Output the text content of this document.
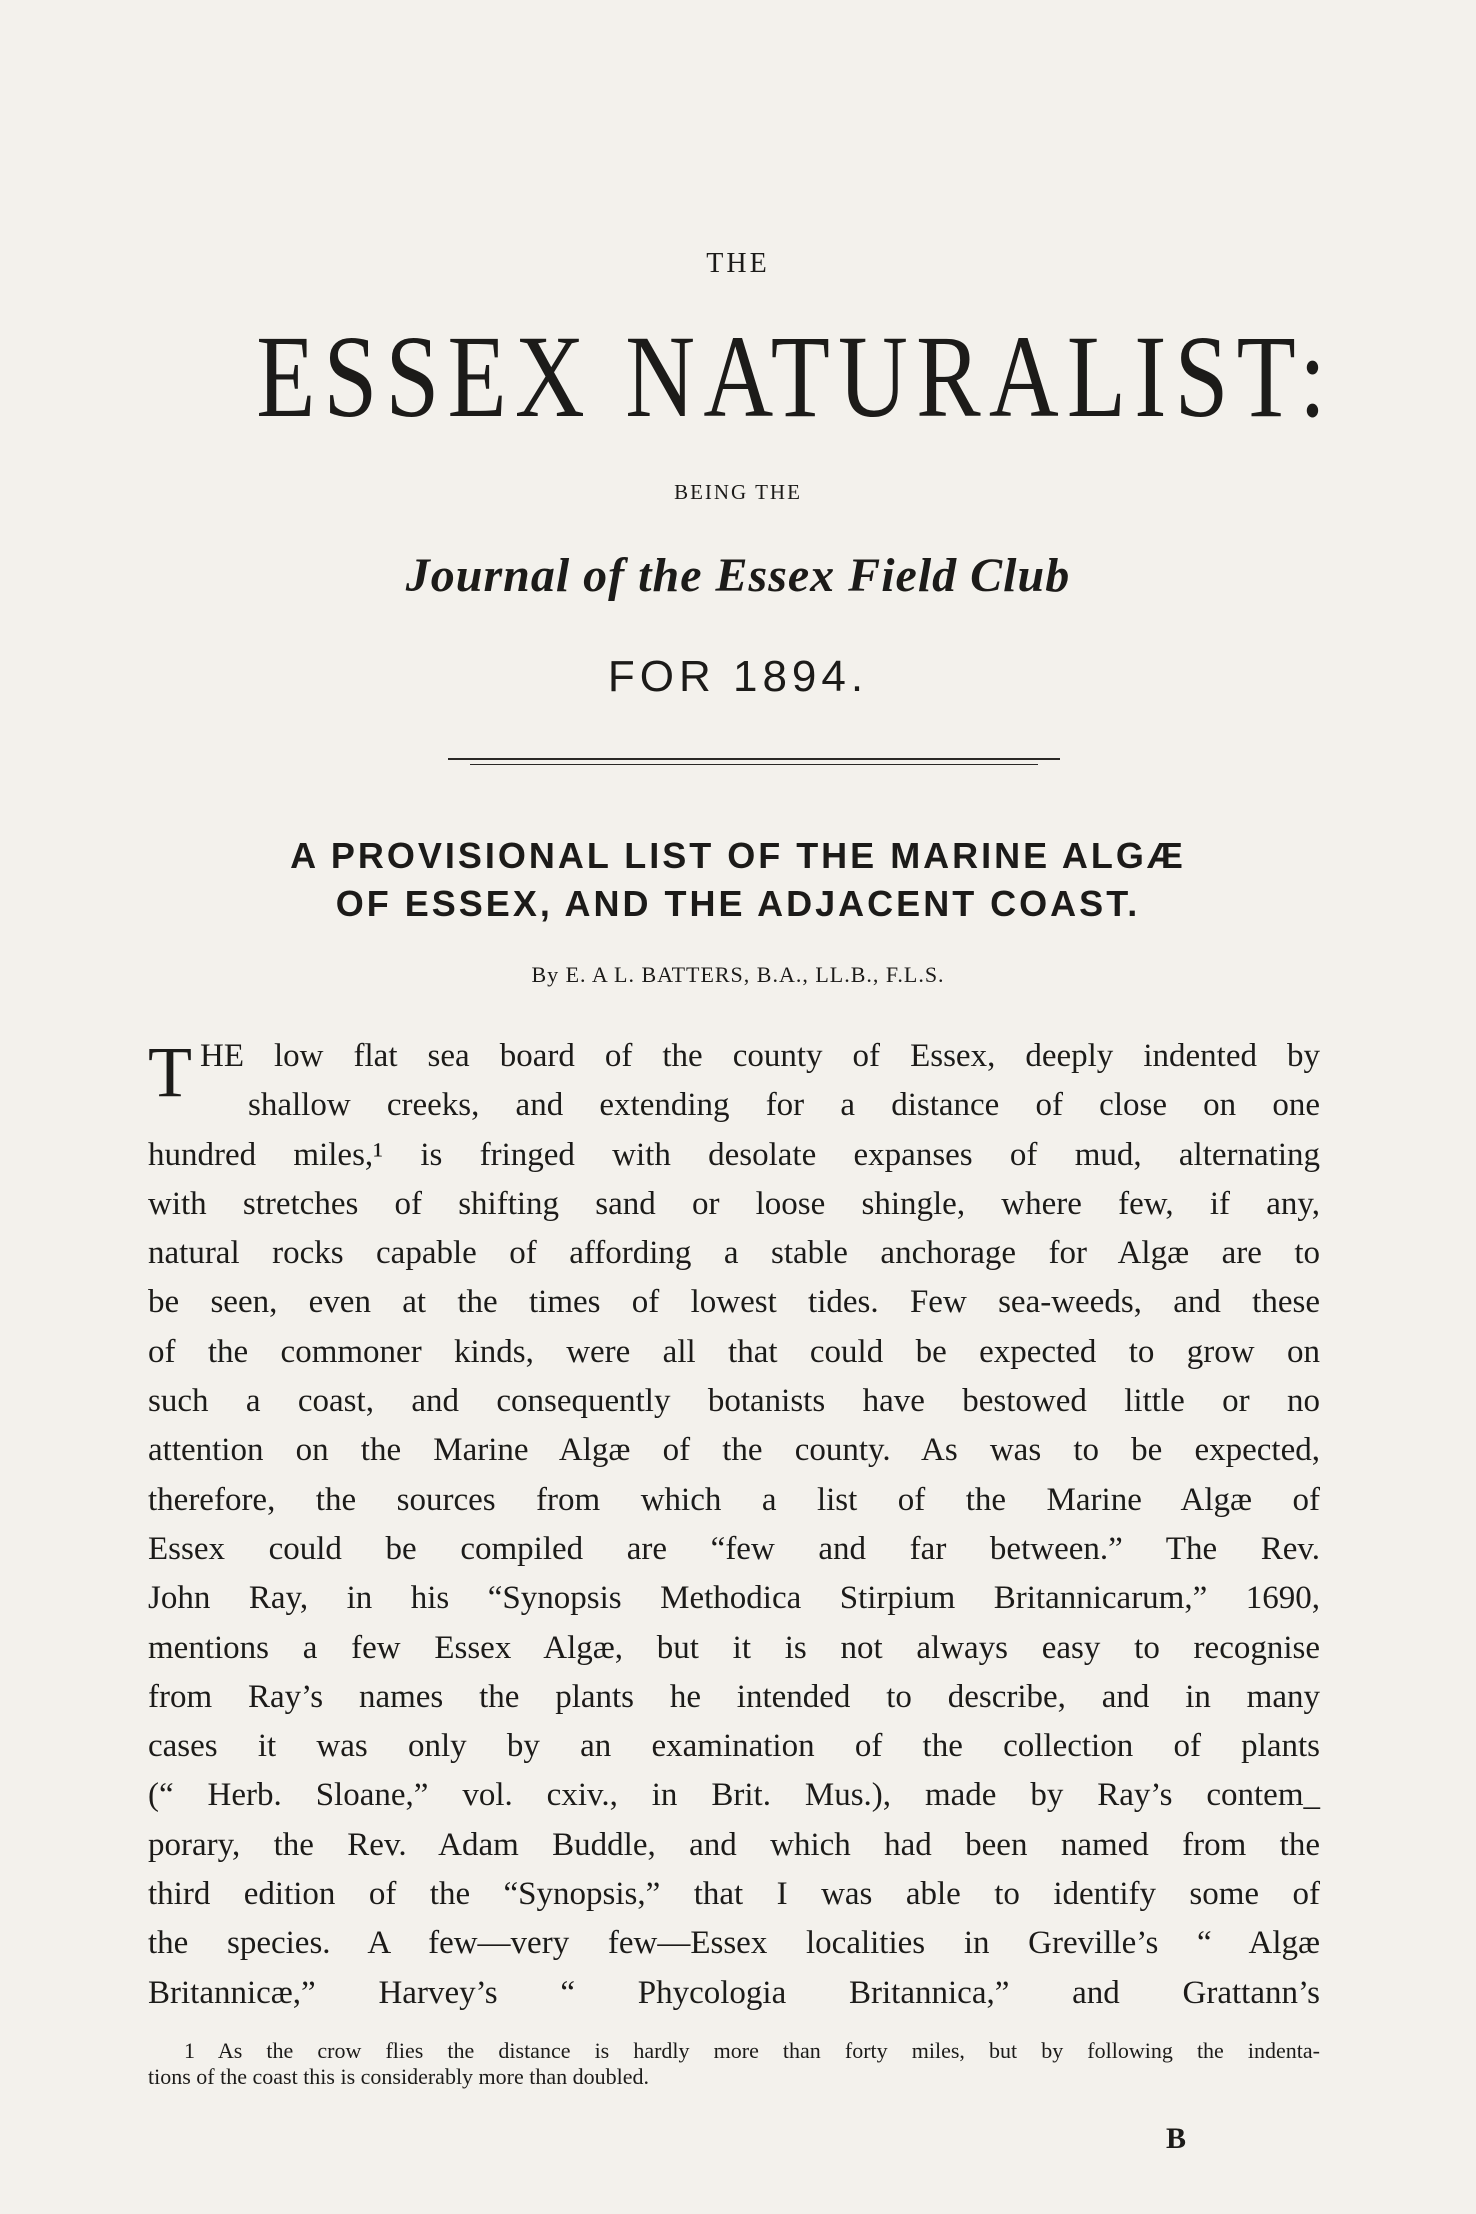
THE
ESSEX NATURALIST:
BEING THE
Journal of the Essex Field Club
FOR 1894.
A PROVISIONAL LIST OF THE MARINE ALGÆ
OF ESSEX, AND THE ADJACENT COAST.
By E. A L. BATTERS, B.A., LL.B., F.L.S.
T HE low flat sea board of the county of Essex, deeply indented by
shallow creeks, and extending for a distance of close on one
hundred miles,¹ is fringed with desolate expanses of mud, alternating
with stretches of shifting sand or loose shingle, where few, if any,
natural rocks capable of affording a stable anchorage for Algæ are to
be seen, even at the times of lowest tides. Few sea-weeds, and these
of the commoner kinds, were all that could be expected to grow on
such a coast, and consequently botanists have bestowed little or no
attention on the Marine Algæ of the county. As was to be expected,
therefore, the sources from which a list of the Marine Algæ of
Essex could be compiled are “few and far between.” The Rev.
John Ray, in his “Synopsis Methodica Stirpium Britannicarum,” 1690,
mentions a few Essex Algæ, but it is not always easy to recognise
from Ray’s names the plants he intended to describe, and in many
cases it was only by an examination of the collection of plants
(“ Herb. Sloane,” vol. cxiv., in Brit. Mus.), made by Ray’s contem_
porary, the Rev. Adam Buddle, and which had been named from the
third edition of the “Synopsis,” that I was able to identify some of
the species. A few—very few—Essex localities in Greville’s “ Algæ
Britannicæ,” Harvey’s “ Phycologia Britannica,” and Grattann’s
1 As the crow flies the distance is hardly more than forty miles, but by following the indenta-
tions of the coast this is considerably more than doubled.
B
